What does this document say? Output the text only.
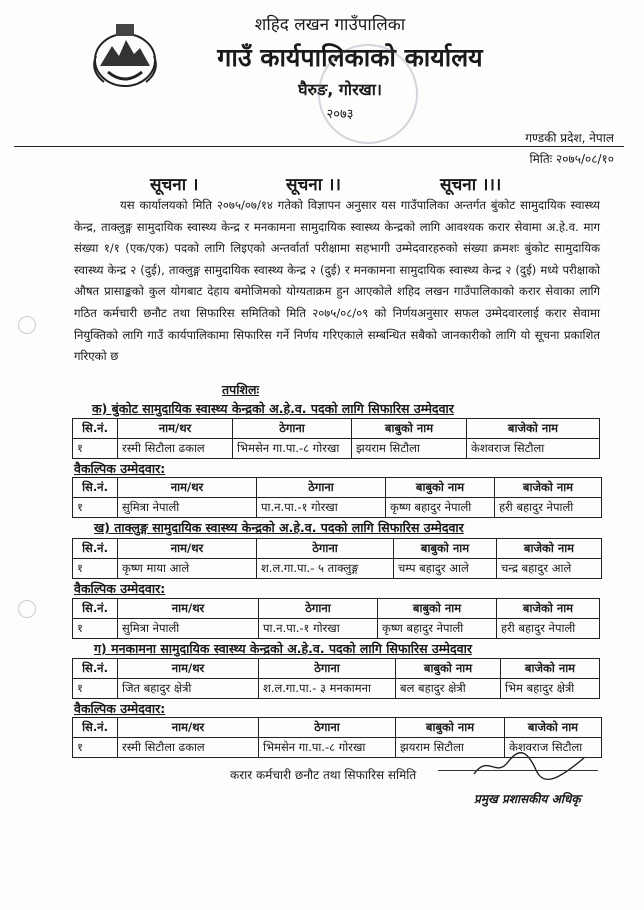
शहिद लखन गाउँपालिका
गाउँ कार्यपालिकाको कार्यालय
घैरुङ, गोरखा।
२०७३
गण्डकी प्रदेश, नेपाल
मितिः २०७५/०८/१०
सूचना ।	सूचना ।।	सूचना ।।।
यस कार्यालयको मिति २०७५/०७/१४ गतेको विज्ञापन अनुसार यस गाउँपालिका अन्तर्गत बुंकोट सामुदायिक स्वास्थ्य केन्द्र, ताक्लुङ्ग सामुदायिक स्वास्थ्य केन्द्र र मनकामना सामुदायिक स्वास्थ्य केन्द्रको लागि आवश्यक करार सेवामा अ.हे.व. माग संख्या १/१ (एक/एक) पदको लागि लिइएको अन्तर्वार्ता परीक्षामा सहभागी उम्मेदवारहरुको संख्या क्रमशः बुंकोट सामुदायिक स्वास्थ्य केन्द्र २ (दुई), ताक्लुङ्ग सामुदायिक स्वास्थ्य केन्द्र २ (दुई) र मनकामना सामुदायिक स्वास्थ्य केन्द्र २ (दुई) मध्ये परीक्षाको औषत प्रासाङ्कको कुल योगबाट देहाय बमोजिमको योग्यताक्रम हुन आएकोले शहिद लखन गाउँपालिकाको करार सेवाका लागि गठित कर्मचारी छनौट तथा सिफारिस समितिको मिति २०७५/०८/०९ को निर्णयअनुसार सफल उम्मेदवारलाई करार सेवामा नियुक्तिको लागि गाउँ कार्यपालिकामा सिफारिस गर्ने निर्णय गरिएकाले सम्बन्धित सबैको जानकारीको लागि यो सूचना प्रकाशित गरिएको छ
तपशिलः
क) बुंकोट सामुदायिक स्वास्थ्य केन्द्रको अ.हे.व. पदको लागि सिफारिस उम्मेदवार
सि.नं.	नाम/थर	ठेगाना	बाबुको नाम	बाजेको नाम
१	रस्मी सिटौला ढकाल	भिमसेन गा.पा.-८ गोरखा	झयराम सिटौला	केशवराज सिटौला
वैकल्पिक उम्मेदवार:
सि.नं.	नाम/थर	ठेगाना	बाबुको नाम	बाजेको नाम
१	सुमित्रा नेपाली	पा.न.पा.-१ गोरखा	कृष्ण बहादुर नेपाली	हरी बहादुर नेपाली
ख) ताक्लुङ्ग सामुदायिक स्वास्थ्य केन्द्रको अ.हे.व. पदको लागि सिफारिस उम्मेदवार
सि.नं.	नाम/थर	ठेगाना	बाबुको नाम	बाजेको नाम
१	कृष्ण माया आले	श.ल.गा.पा.- ५ ताक्लुङ्ग	चम्प बहादुर आले	चन्द्र बहादुर आले
वैकल्पिक उम्मेदवार:
सि.नं.	नाम/थर	ठेगाना	बाबुको नाम	बाजेको नाम
१	सुमित्रा नेपाली	पा.न.पा.-१ गोरखा	कृष्ण बहादुर नेपाली	हरी बहादुर नेपाली
ग) मनकामना सामुदायिक स्वास्थ्य केन्द्रको अ.हे.व. पदको लागि सिफारिस उम्मेदवार
सि.नं.	नाम/थर	ठेगाना	बाबुको नाम	बाजेको नाम
१	जित बहादुर क्षेत्री	श.ल.गा.पा.- ३ मनकामना	बल बहादुर क्षेत्री	भिम बहादुर क्षेत्री
वैकल्पिक उम्मेदवार:
सि.नं.	नाम/थर	ठेगाना	बाबुको नाम	बाजेको नाम
१	रस्मी सिटौला ढकाल	भिमसेन गा.पा.-८ गोरखा	झयराम सिटौला	केशवराज सिटौला
करार कर्मचारी छनौट तथा सिफारिस समिति
प्रमुख प्रशासकीय अधिकृ
